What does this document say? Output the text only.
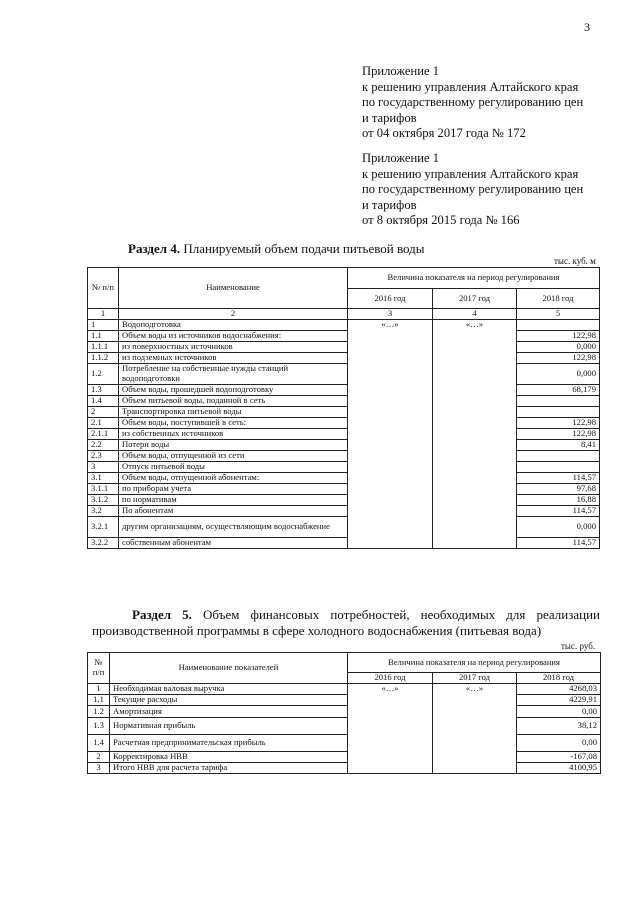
3
Приложение 1
к решению управления Алтайского края
по государственному регулированию цен
и тарифов
от 04 октября 2017 года № 172
Приложение 1
к решению управления Алтайского края
по государственному регулированию цен
и тарифов
от 8 октября 2015 года № 166
Раздел 4. Планируемый объем подачи питьевой воды
тыс. куб. м
№ п/п	Наименование	Величина показателя на период регулирования		
		2016 год	2017 год	2018 год
1	2	3	4	5
1	Водоподготовка	«…»	«…»	
1.1	Объем воды из источников водоснабжения:			122,98
1.1.1	из поверхностных источников			0,000
1.1.2	из подземных источников			122,98
1.2	Потребление на собственные нужды станций водоподготовки			0,000
1.3	Объем воды, прошедшей водоподготовку			68,179
1.4	Объем питьевой воды, поданной в сеть			
2	Транспортировка питьевой воды			
2.1	Объем воды, поступившей в сеть:			122,98
2.1.1	из собственных источников			122,98
2.2	Потери воды			8,41
2.3	Объем воды, отпущенной из сети			
3	Отпуск питьевой воды			
3.1	Объем воды, отпущенной абонентам:			114,57
3.1.1	по приборам учета			97,68
3.1.2	по нормативам			16,88
3.2	По абонентам			114,57
3.2.1	другим организациям, осуществляющим водоснабжение			0,000
3.2.2	собственным абонентам			114,57
Раздел 5. Объем финансовых потребностей, необходимых для реализации производственной программы в сфере холодного водоснабжения (питьевая вода)
тыс. руб.
№ п/п	Наименование показателей	Величина показателя на период регулирования		
		2016 год	2017 год	2018 год
1	Необходимая валовая выручка	«…»	«…»	4268,03
1.1	Текущие расходы			4229,91
1.2	Амортизация			0,00
1.3	Нормативная прибыль			38,12
1.4	Расчетная предпринимательская прибыль			0,00
2	Корректировка НВВ			-167,08
3	Итого НВВ для расчета тарифа			4100,95
